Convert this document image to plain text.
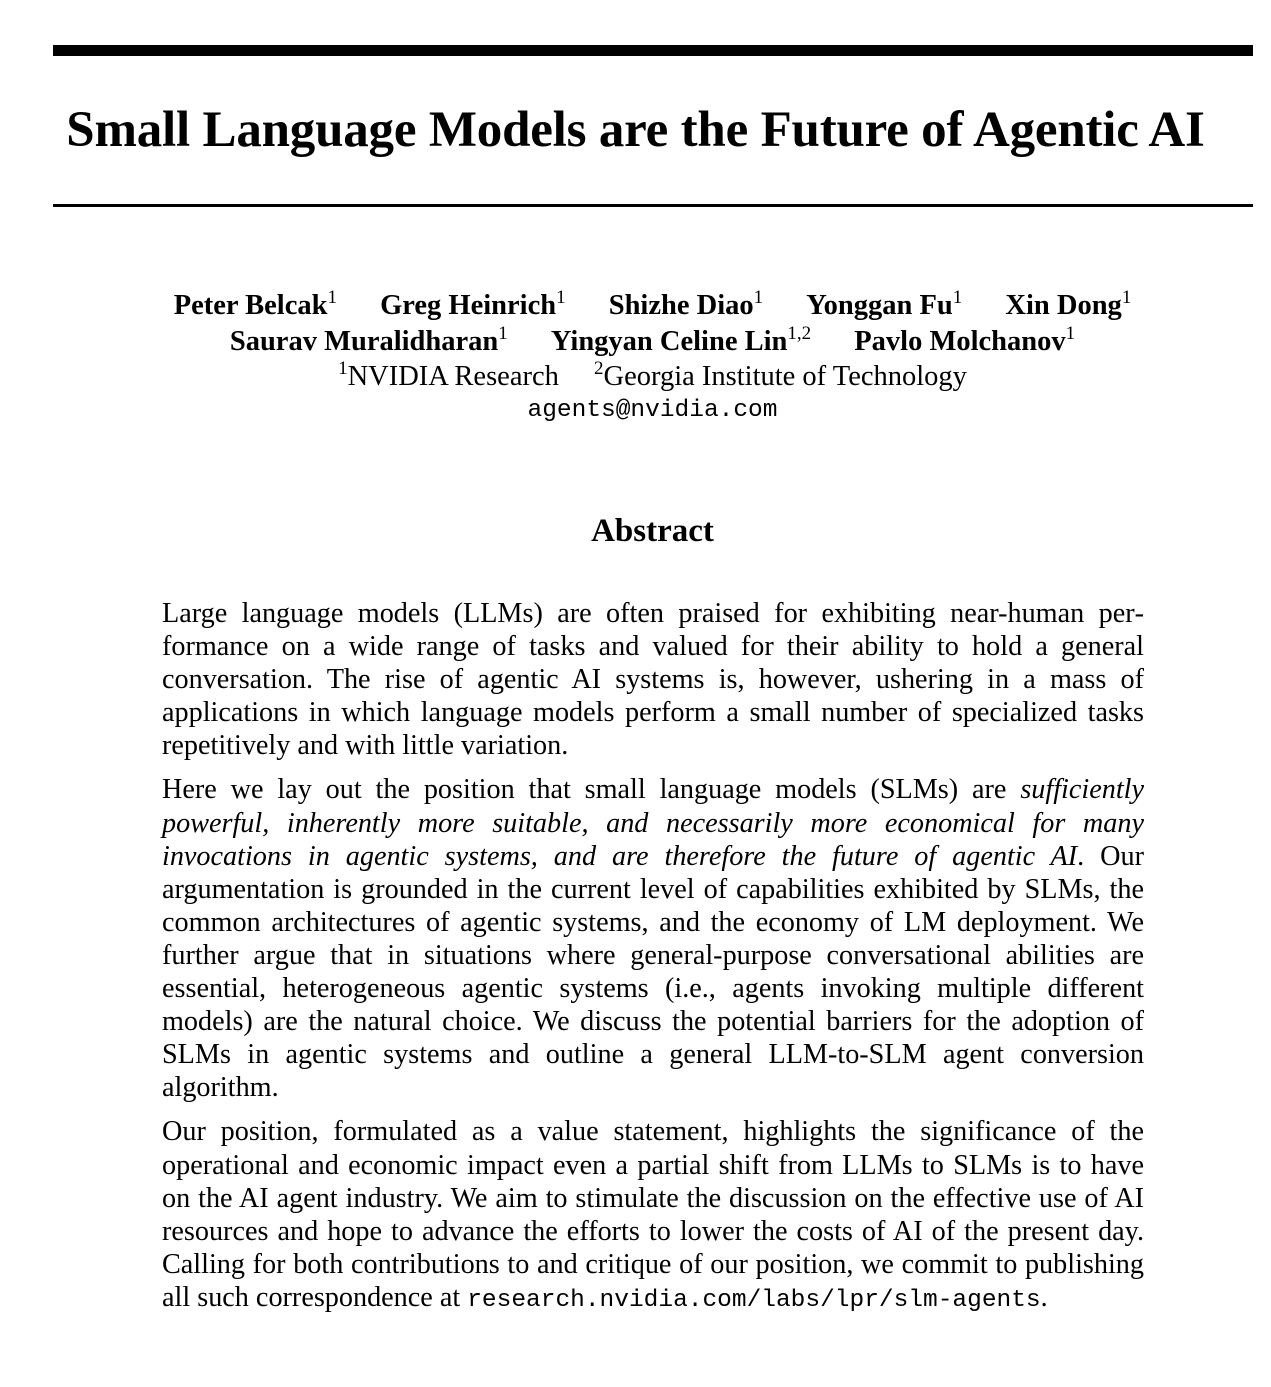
Small Language Models are the Future of Agentic AI
Peter Belcak$^1$ Greg Heinrich$^1$ Shizhe Diao$^1$ Yonggan Fu$^1$ Xin Dong$^1$
Saurav Muralidharan$^1$ Yingyan Celine Lin$^{1,2}$ Pavlo Molchanov$^1$
$^1$NVIDIA Research $^2$Georgia Institute of Technology
agents@nvidia.com
Abstract

Large language models (LLMs) are often praised for exhibiting near-human performance on a wide range of tasks and valued for their ability to hold a general conversation. The rise of agentic AI systems is, however, ushering in a mass of applications in which language models perform a small number of specialized tasks repetitively and with little variation.

Here we lay out the position that small language models (SLMs) are sufficiently powerful, inherently more suitable, and necessarily more economical for many invocations in agentic systems, and are therefore the future of agentic AI. Our argumentation is grounded in the current level of capabilities exhibited by SLMs, the common architectures of agentic systems, and the economy of LM deployment. We further argue that in situations where general-purpose conversational abilities are essential, heterogeneous agentic systems (i.e., agents invoking multiple different models) are the natural choice. We discuss the potential barriers for the adoption of SLMs in agentic systems and outline a general LLM-to-SLM agent conversion algorithm.

Our position, formulated as a value statement, highlights the significance of the operational and economic impact even a partial shift from LLMs to SLMs is to have on the AI agent industry. We aim to stimulate the discussion on the effective use of AI resources and hope to advance the efforts to lower the costs of AI of the present day. Calling for both contributions to and critique of our position, we commit to publishing all such correspondence at research.nvidia.com/labs/lpr/slm-agents.
